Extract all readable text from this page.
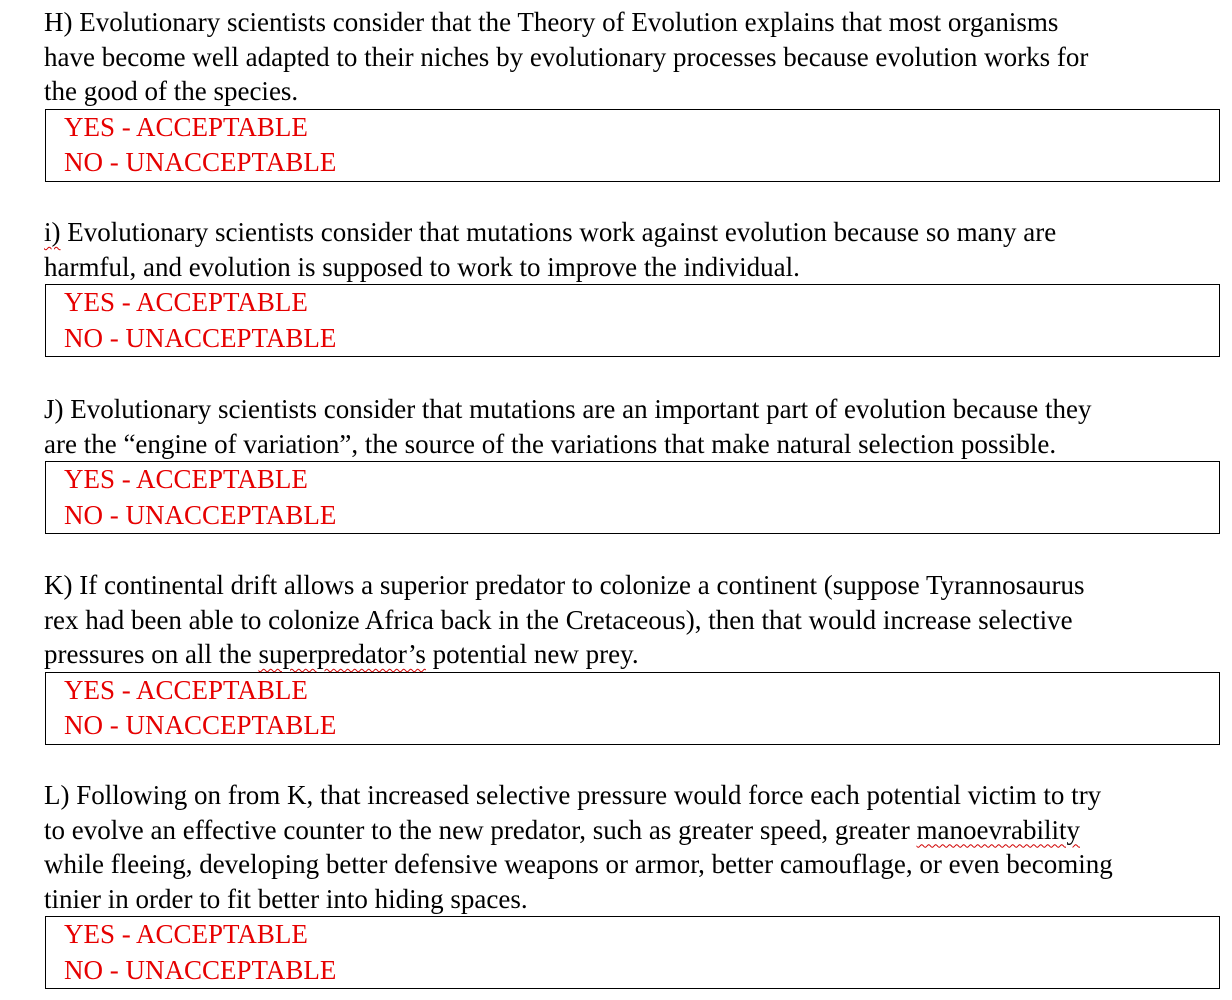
H) Evolutionary scientists consider that the Theory of Evolution explains that most organisms
have become well adapted to their niches by evolutionary processes because evolution works for
the good of the species.

YES - ACCEPTABLE
NO - UNACCEPTABLE

i) Evolutionary scientists consider that mutations work against evolution because so many are
harmful, and evolution is supposed to work to improve the individual.

YES - ACCEPTABLE
NO - UNACCEPTABLE

J) Evolutionary scientists consider that mutations are an important part of evolution because they
are the “engine of variation”, the source of the variations that make natural selection possible.

YES - ACCEPTABLE
NO - UNACCEPTABLE

K) If continental drift allows a superior predator to colonize a continent (suppose Tyrannosaurus
rex had been able to colonize Africa back in the Cretaceous), then that would increase selective
pressures on all the superpredator’s potential new prey.

YES - ACCEPTABLE
NO - UNACCEPTABLE

L) Following on from K, that increased selective pressure would force each potential victim to try
to evolve an effective counter to the new predator, such as greater speed, greater manoevrability
while fleeing, developing better defensive weapons or armor, better camouflage, or even becoming
tinier in order to fit better into hiding spaces.

YES - ACCEPTABLE
NO - UNACCEPTABLE
